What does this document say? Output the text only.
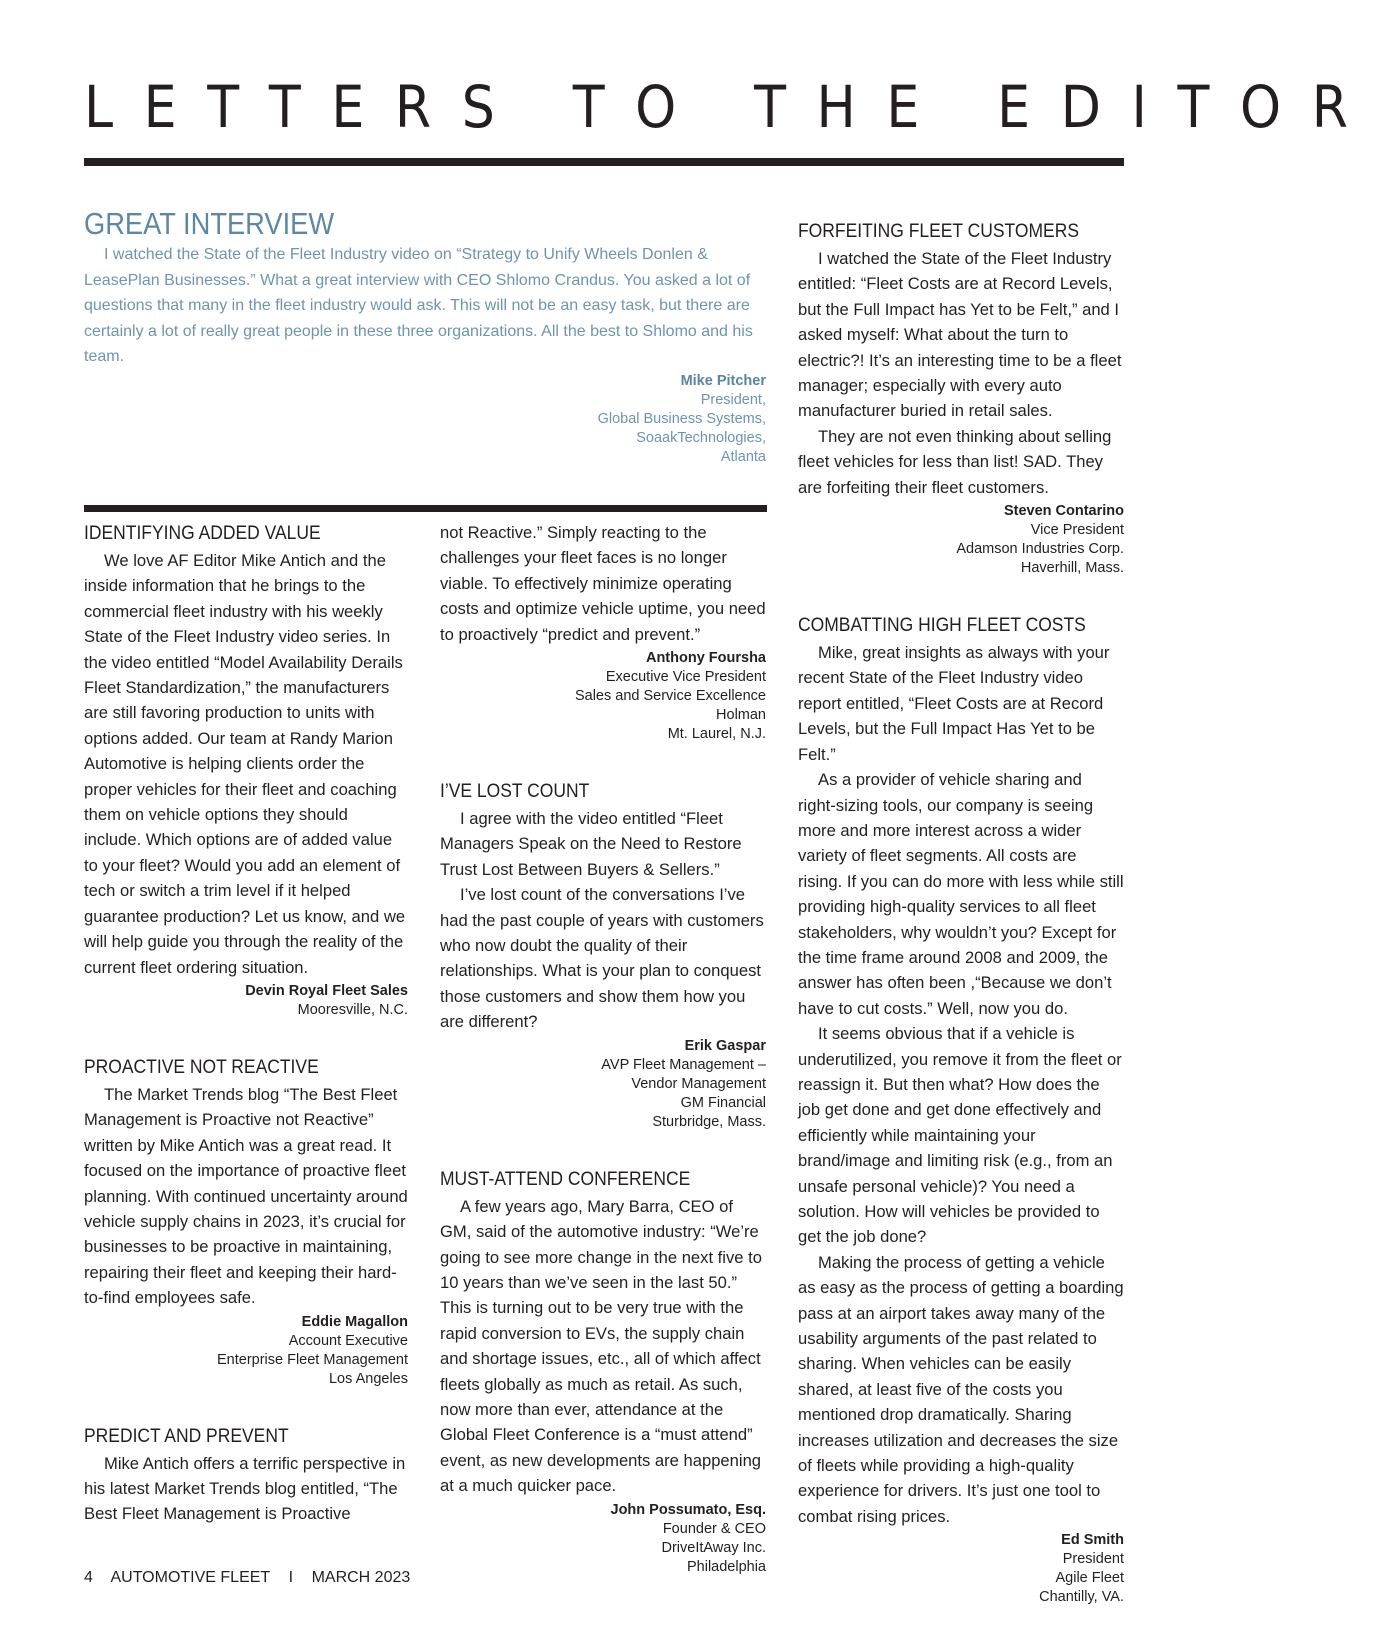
LETTERS TO THE EDITOR
GREAT INTERVIEW

I watched the State of the Fleet Industry video on “Strategy to Unify Wheels Donlen & LeasePlan Businesses.” What a great interview with CEO Shlomo Crandus. You asked a lot of questions that many in the fleet industry would ask. This will not be an easy task, but there are certainly a lot of really great people in these three organizations. All the best to Shlomo and his team.

Mike Pitcher
President,
Global Business Systems,
SoaakTechnologies,
Atlanta
IDENTIFYING ADDED VALUE

We love AF Editor Mike Antich and the inside information that he brings to the commercial fleet industry with his weekly State of the Fleet Industry video series. In the video entitled “Model Availability Derails Fleet Standardization,” the manufacturers are still favoring production to units with options added. Our team at Randy Marion Automotive is helping clients order the proper vehicles for their fleet and coaching them on vehicle options they should include. Which options are of added value to your fleet? Would you add an element of tech or switch a trim level if it helped guarantee production? Let us know, and we will help guide you through the reality of the current fleet ordering situation.

Devin Royal Fleet Sales
Mooresville, N.C.
PROACTIVE NOT REACTIVE

The Market Trends blog “The Best Fleet Management is Proactive not Reactive” written by Mike Antich was a great read. It focused on the importance of proactive fleet planning. With continued uncertainty around vehicle supply chains in 2023, it’s crucial for businesses to be proactive in maintaining, repairing their fleet and keeping their hard-to-find employees safe.

Eddie Magallon
Account Executive
Enterprise Fleet Management
Los Angeles
PREDICT AND PREVENT

Mike Antich offers a terrific perspective in his latest Market Trends blog entitled, “The Best Fleet Management is Proactive

not Reactive.” Simply reacting to the challenges your fleet faces is no longer viable. To effectively minimize operating costs and optimize vehicle uptime, you need to proactively “predict and prevent.”

Anthony Foursha
Executive Vice President
Sales and Service Excellence
Holman
Mt. Laurel, N.J.
I’VE LOST COUNT

I agree with the video entitled “Fleet Managers Speak on the Need to Restore Trust Lost Between Buyers & Sellers.”

I’ve lost count of the conversations I’ve had the past couple of years with customers who now doubt the quality of their relationships. What is your plan to conquest those customers and show them how you are different?

Erik Gaspar
AVP Fleet Management –
Vendor Management
GM Financial
Sturbridge, Mass.
MUST-ATTEND CONFERENCE

A few years ago, Mary Barra, CEO of GM, said of the automotive industry: “We’re going to see more change in the next five to 10 years than we’ve seen in the last 50.” This is turning out to be very true with the rapid conversion to EVs, the supply chain and shortage issues, etc., all of which affect fleets globally as much as retail. As such, now more than ever, attendance at the Global Fleet Conference is a “must attend” event, as new developments are happening at a much quicker pace.

John Possumato, Esq.
Founder & CEO
DriveItAway Inc.
Philadelphia
FORFEITING FLEET CUSTOMERS

I watched the State of the Fleet Industry entitled: “Fleet Costs are at Record Levels, but the Full Impact has Yet to be Felt,” and I asked myself: What about the turn to electric?! It’s an interesting time to be a fleet manager; especially with every auto manufacturer buried in retail sales.

They are not even thinking about selling fleet vehicles for less than list! SAD. They are forfeiting their fleet customers.

Steven Contarino
Vice President
Adamson Industries Corp.
Haverhill, Mass.
COMBATTING HIGH FLEET COSTS

Mike, great insights as always with your recent State of the Fleet Industry video report entitled, “Fleet Costs are at Record Levels, but the Full Impact Has Yet to be Felt.”

As a provider of vehicle sharing and right-sizing tools, our company is seeing more and more interest across a wider variety of fleet segments. All costs are rising. If you can do more with less while still providing high-quality services to all fleet stakeholders, why wouldn’t you? Except for the time frame around 2008 and 2009, the answer has often been ,“Because we don’t have to cut costs.” Well, now you do.

It seems obvious that if a vehicle is underutilized, you remove it from the fleet or reassign it. But then what? How does the job get done and get done effectively and efficiently while maintaining your brand/image and limiting risk (e.g., from an unsafe personal vehicle)? You need a solution. How will vehicles be provided to get the job done?

Making the process of getting a vehicle as easy as the process of getting a boarding pass at an airport takes away many of the usability arguments of the past related to sharing. When vehicles can be easily shared, at least five of the costs you mentioned drop dramatically. Sharing increases utilization and decreases the size of fleets while providing a high-quality experience for drivers. It’s just one tool to combat rising prices.

Ed Smith
President
Agile Fleet
Chantilly, VA.
4 AUTOMOTIVE FLEET I MARCH 2023
